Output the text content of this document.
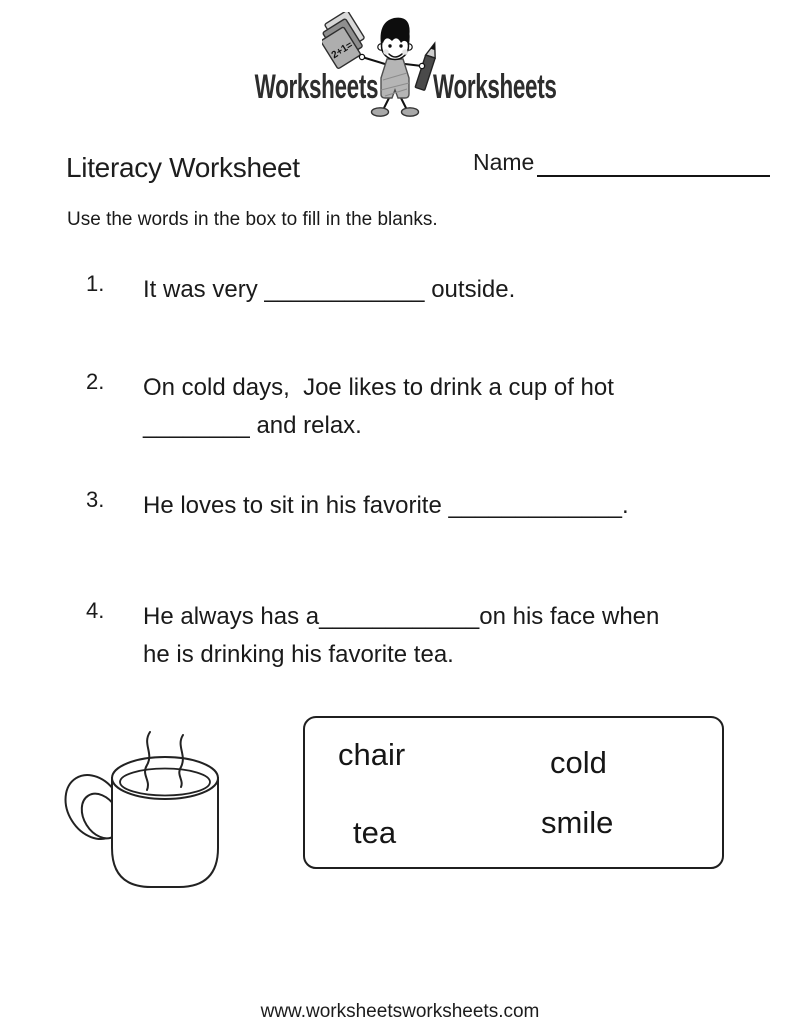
Worksheets Worksheets
2+1=
Literacy Worksheet	Name
Use the words in the box to fill in the blanks.
1. It was very ____________ outside.
2. On cold days,  Joe likes to drink a cup of hot
________ and relax.
3. He loves to sit in his favorite _____________.
4. He always has a____________on his face when
he is drinking his favorite tea.
chair	cold
tea	smile
www.worksheetsworksheets.com
